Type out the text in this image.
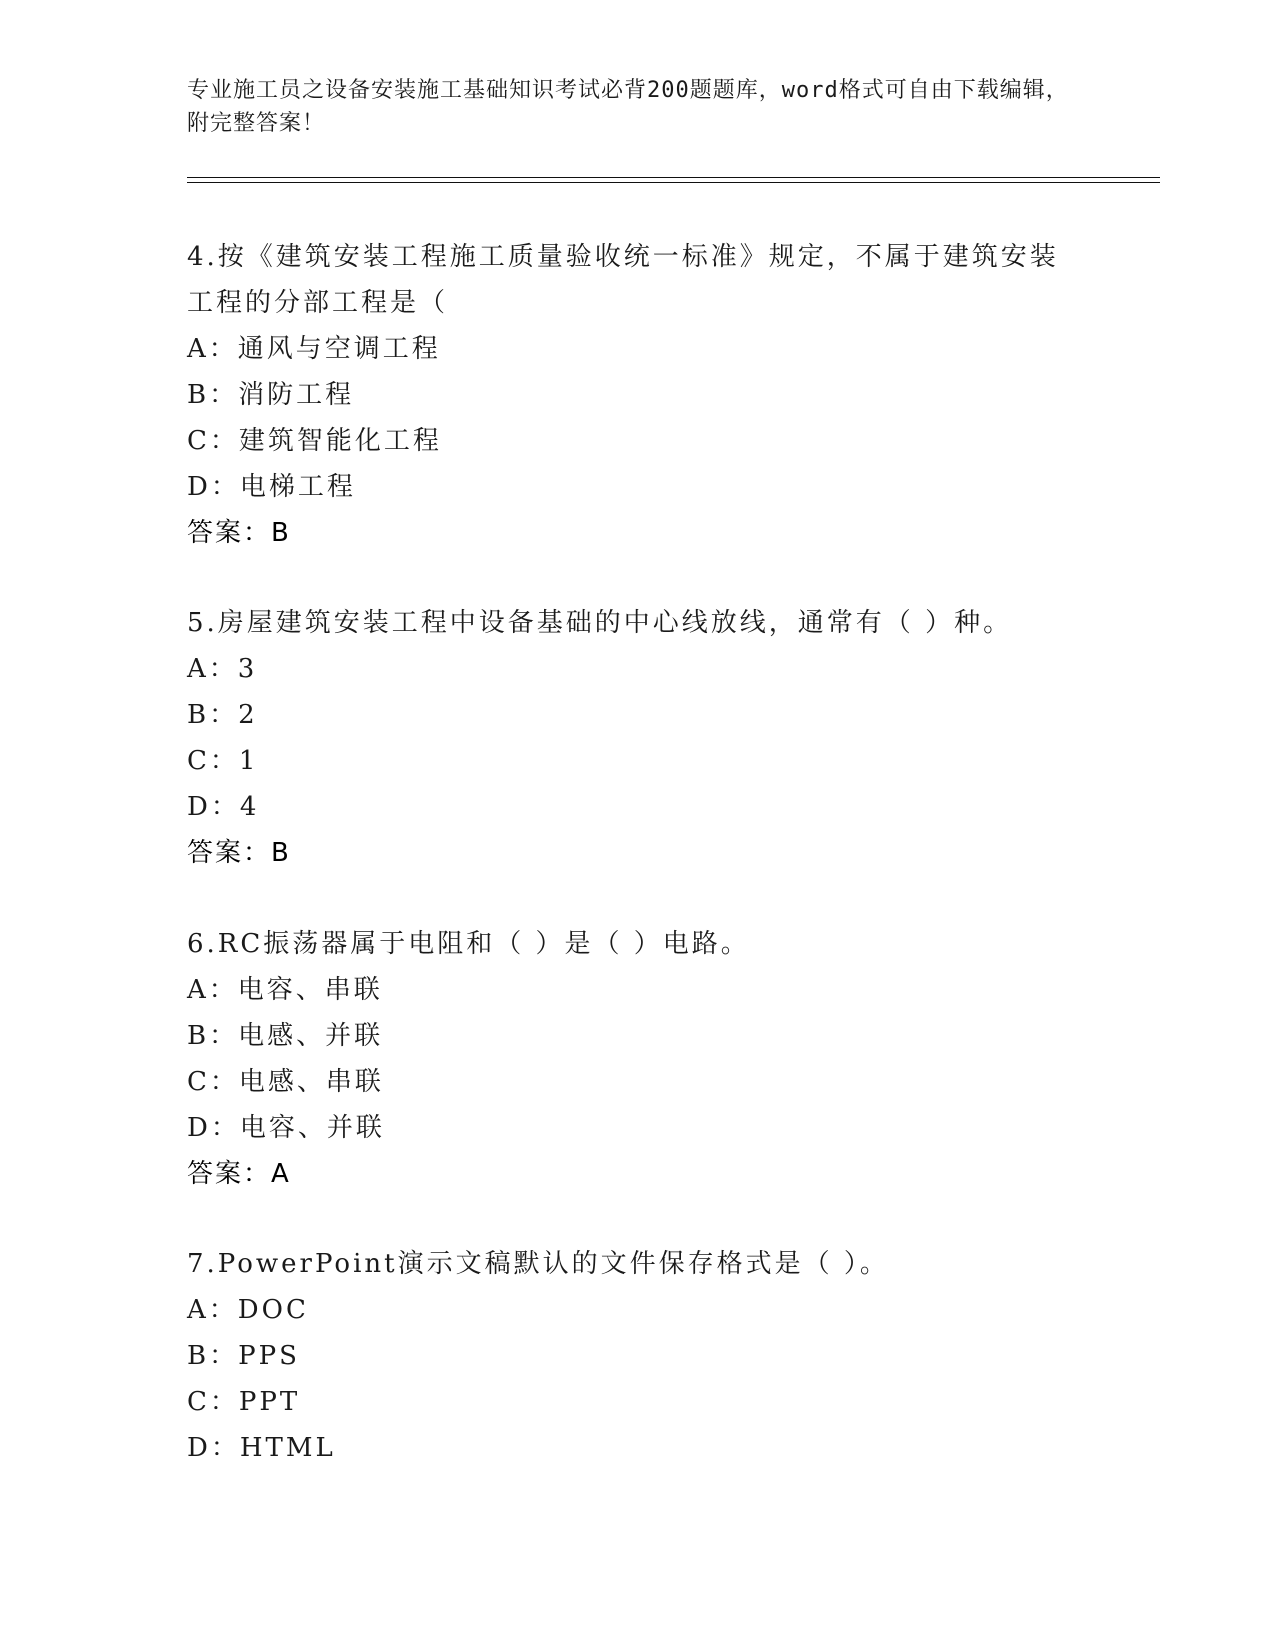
专业施工员之设备安装施工基础知识考试必背200题题库，word格式可自由下载编辑，附完整答案！
4.按《建筑安装工程施工质量验收统一标准》规定，不属于建筑安装工程的分部工程是（
A：通风与空调工程
B：消防工程
C：建筑智能化工程
D：电梯工程
答案：B
5.房屋建筑安装工程中设备基础的中心线放线，通常有（ ）种。
A：3
B：2
C：1
D：4
答案：B
6.RC振荡器属于电阻和（ ）是（ ）电路。
A：电容、串联
B：电感、并联
C：电感、串联
D：电容、并联
答案：A
7.PowerPoint演示文稿默认的文件保存格式是（ ）。
A：DOC
B：PPS
C：PPT
D：HTML
